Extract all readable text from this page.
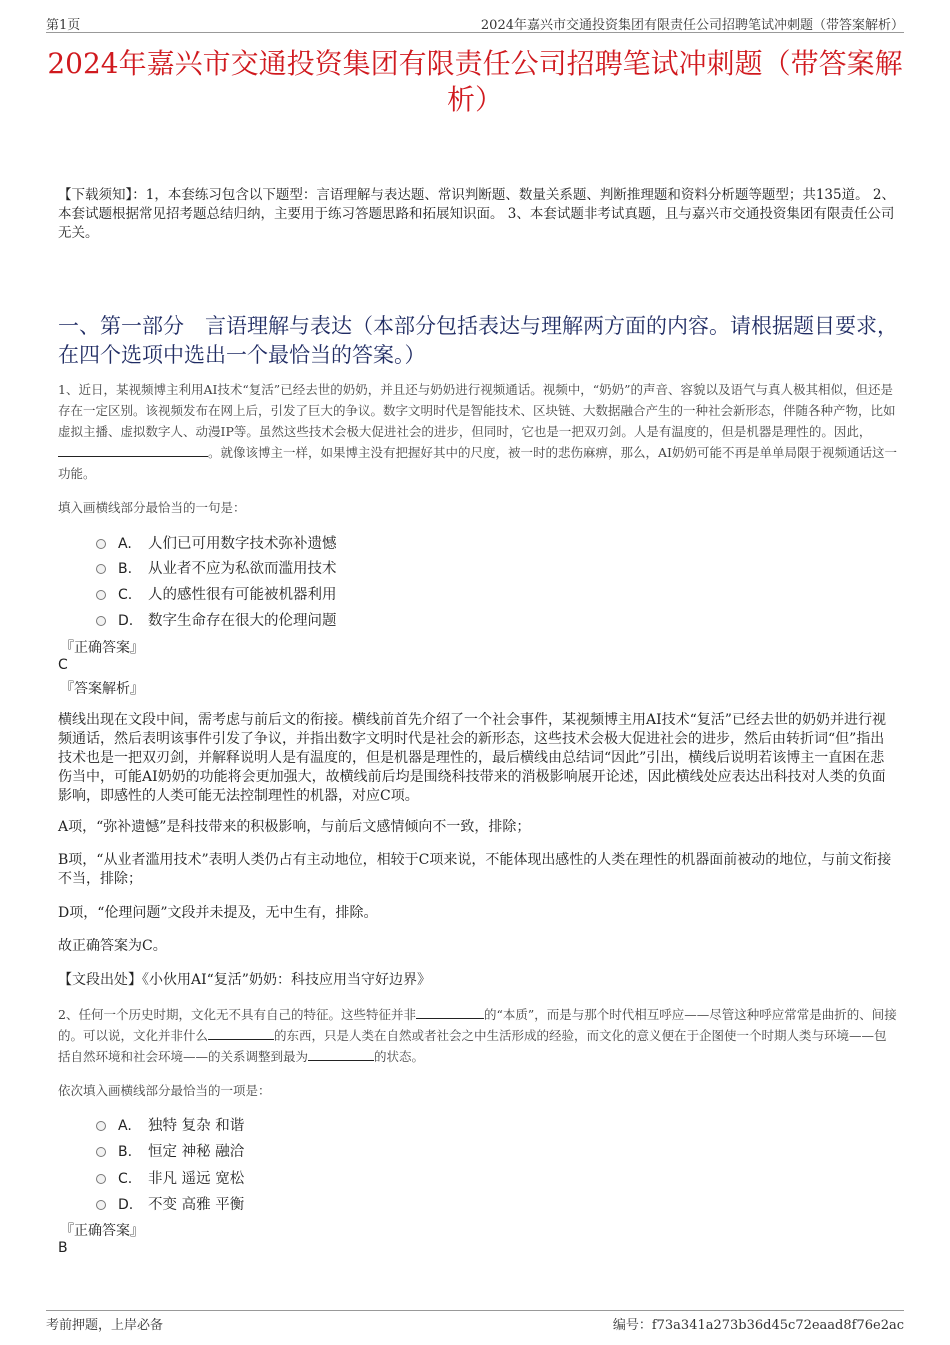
第1页	2024年嘉兴市交通投资集团有限责任公司招聘笔试冲刺题（带答案解析）
2024年嘉兴市交通投资集团有限责任公司招聘笔试冲刺题（带答案解析）
【下载须知】：1，本套练习包含以下题型：言语理解与表达题、常识判断题、数量关系题、判断推理题和资料分析题等题型；共135道。 2、本套试题根据常见招考题总结归纳，主要用于练习答题思路和拓展知识面。 3、本套试题非考试真题，且与嘉兴市交通投资集团有限责任公司无关。
一、第一部分　言语理解与表达（本部分包括表达与理解两方面的内容。请根据题目要求，在四个选项中选出一个最恰当的答案。）
1、近日，某视频博主利用AI技术“复活”已经去世的奶奶，并且还与奶奶进行视频通话。视频中，“奶奶”的声音、容貌以及语气与真人极其相似，但还是存在一定区别。该视频发布在网上后，引发了巨大的争议。数字文明时代是智能技术、区块链、大数据融合产生的一种社会新形态，伴随各种产物，比如虚拟主播、虚拟数字人、动漫IP等。虽然这些技术会极大促进社会的进步，但同时，它也是一把双刃剑。人是有温度的，但是机器是理性的。因此，。就像该博主一样，如果博主没有把握好其中的尺度，被一时的悲伤麻痹，那么，AI奶奶可能不再是单单局限于视频通话这一功能。
填入画横线部分最恰当的一句是：
A. 人们已可用数字技术弥补遗憾
B. 从业者不应为私欲而滥用技术
C. 人的感性很有可能被机器利用
D. 数字生命存在很大的伦理问题
『正确答案』
C
『答案解析』
横线出现在文段中间，需考虑与前后文的衔接。横线前首先介绍了一个社会事件，某视频博主用AI技术“复活”已经去世的奶奶并进行视频通话，然后表明该事件引发了争议，并指出数字文明时代是社会的新形态，这些技术会极大促进社会的进步，然后由转折词“但”指出技术也是一把双刃剑，并解释说明人是有温度的，但是机器是理性的，最后横线由总结词“因此”引出，横线后说明若该博主一直困在悲伤当中，可能AI奶奶的功能将会更加强大，故横线前后均是围绕科技带来的消极影响展开论述，因此横线处应表达出科技对人类的负面影响，即感性的人类可能无法控制理性的机器，对应C项。
A项，“弥补遗憾”是科技带来的积极影响，与前后文感情倾向不一致，排除；
B项，“从业者滥用技术”表明人类仍占有主动地位，相较于C项来说，不能体现出感性的人类在理性的机器面前被动的地位，与前文衔接不当，排除；
D项，“伦理问题”文段并未提及，无中生有，排除。
故正确答案为C。
【文段出处】《小伙用AI“复活”奶奶：科技应用当守好边界》
2、任何一个历史时期，文化无不具有自己的特征。这些特征并非	的“本质”，而是与那个时代相互呼应——尽管这种呼应常常是曲折的、间接的。可以说，文化并非什么	的东西，只是人类在自然或者社会之中生活形成的经验，而文化的意义便在于企图使一个时期人类与环境——包括自然环境和社会环境——的关系调整到最为	的状态。
依次填入画横线部分最恰当的一项是：
A. 独特 复杂 和谐
B. 恒定 神秘 融洽
C. 非凡 遥远 宽松
D. 不变 高雅 平衡
『正确答案』
B
考前押题，上岸必备	编号：f73a341a273b36d45c72eaad8f76e2ac
